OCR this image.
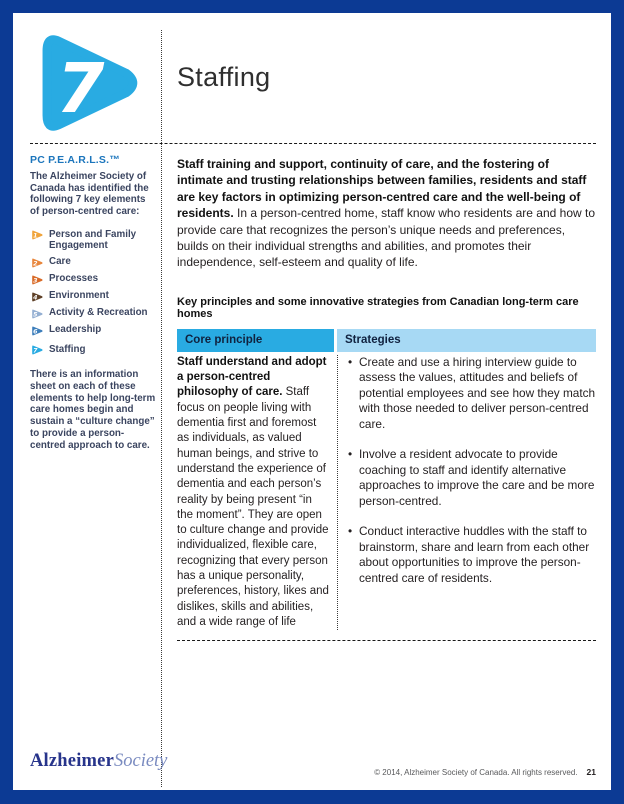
7	Staffing
PC P.E.A.R.L.S.™
The Alzheimer Society of Canada has identified the following 7 key elements of person-centred care:
1 Person and Family Engagement
2 Care
3 Processes
4 Environment
5 Activity & Recreation
6 Leadership
7 Staffing
There is an information sheet on each of these elements to help long-term care homes begin and sustain a “culture change” to provide a person-centred approach to care.

Staff training and support, continuity of care, and the fostering of intimate and trusting relationships between families, residents and staff are key factors in optimizing person-centred care and the well-being of residents. In a person-centred home, staff know who residents are and how to provide care that recognizes the person’s unique needs and preferences, builds on their individual strengths and abilities, and promotes their independence, self-esteem and quality of life.

Key principles and some innovative strategies from Canadian long-term care homes
Core principle	Strategies
Staff understand and adopt a person-centred philosophy of care. Staff focus on people living with dementia first and foremost as individuals, as valued human beings, and strive to understand the experience of dementia and each person’s reality by being present “in the moment”. They are open to culture change and provide individualized, flexible care, recognizing that every person has a unique personality, preferences, history, likes and dislikes, skills and abilities, and a wide range of life
• Create and use a hiring interview guide to assess the values, attitudes and beliefs of potential employees and see how they match with those needed to deliver person-centred care.
• Involve a resident advocate to provide coaching to staff and identify alternative approaches to improve the care and be more person-centred.
• Conduct interactive huddles with the staff to brainstorm, share and learn from each other about opportunities to improve the person-centred care of residents.
AlzheimerSociety
© 2014, Alzheimer Society of Canada. All rights reserved. 21
